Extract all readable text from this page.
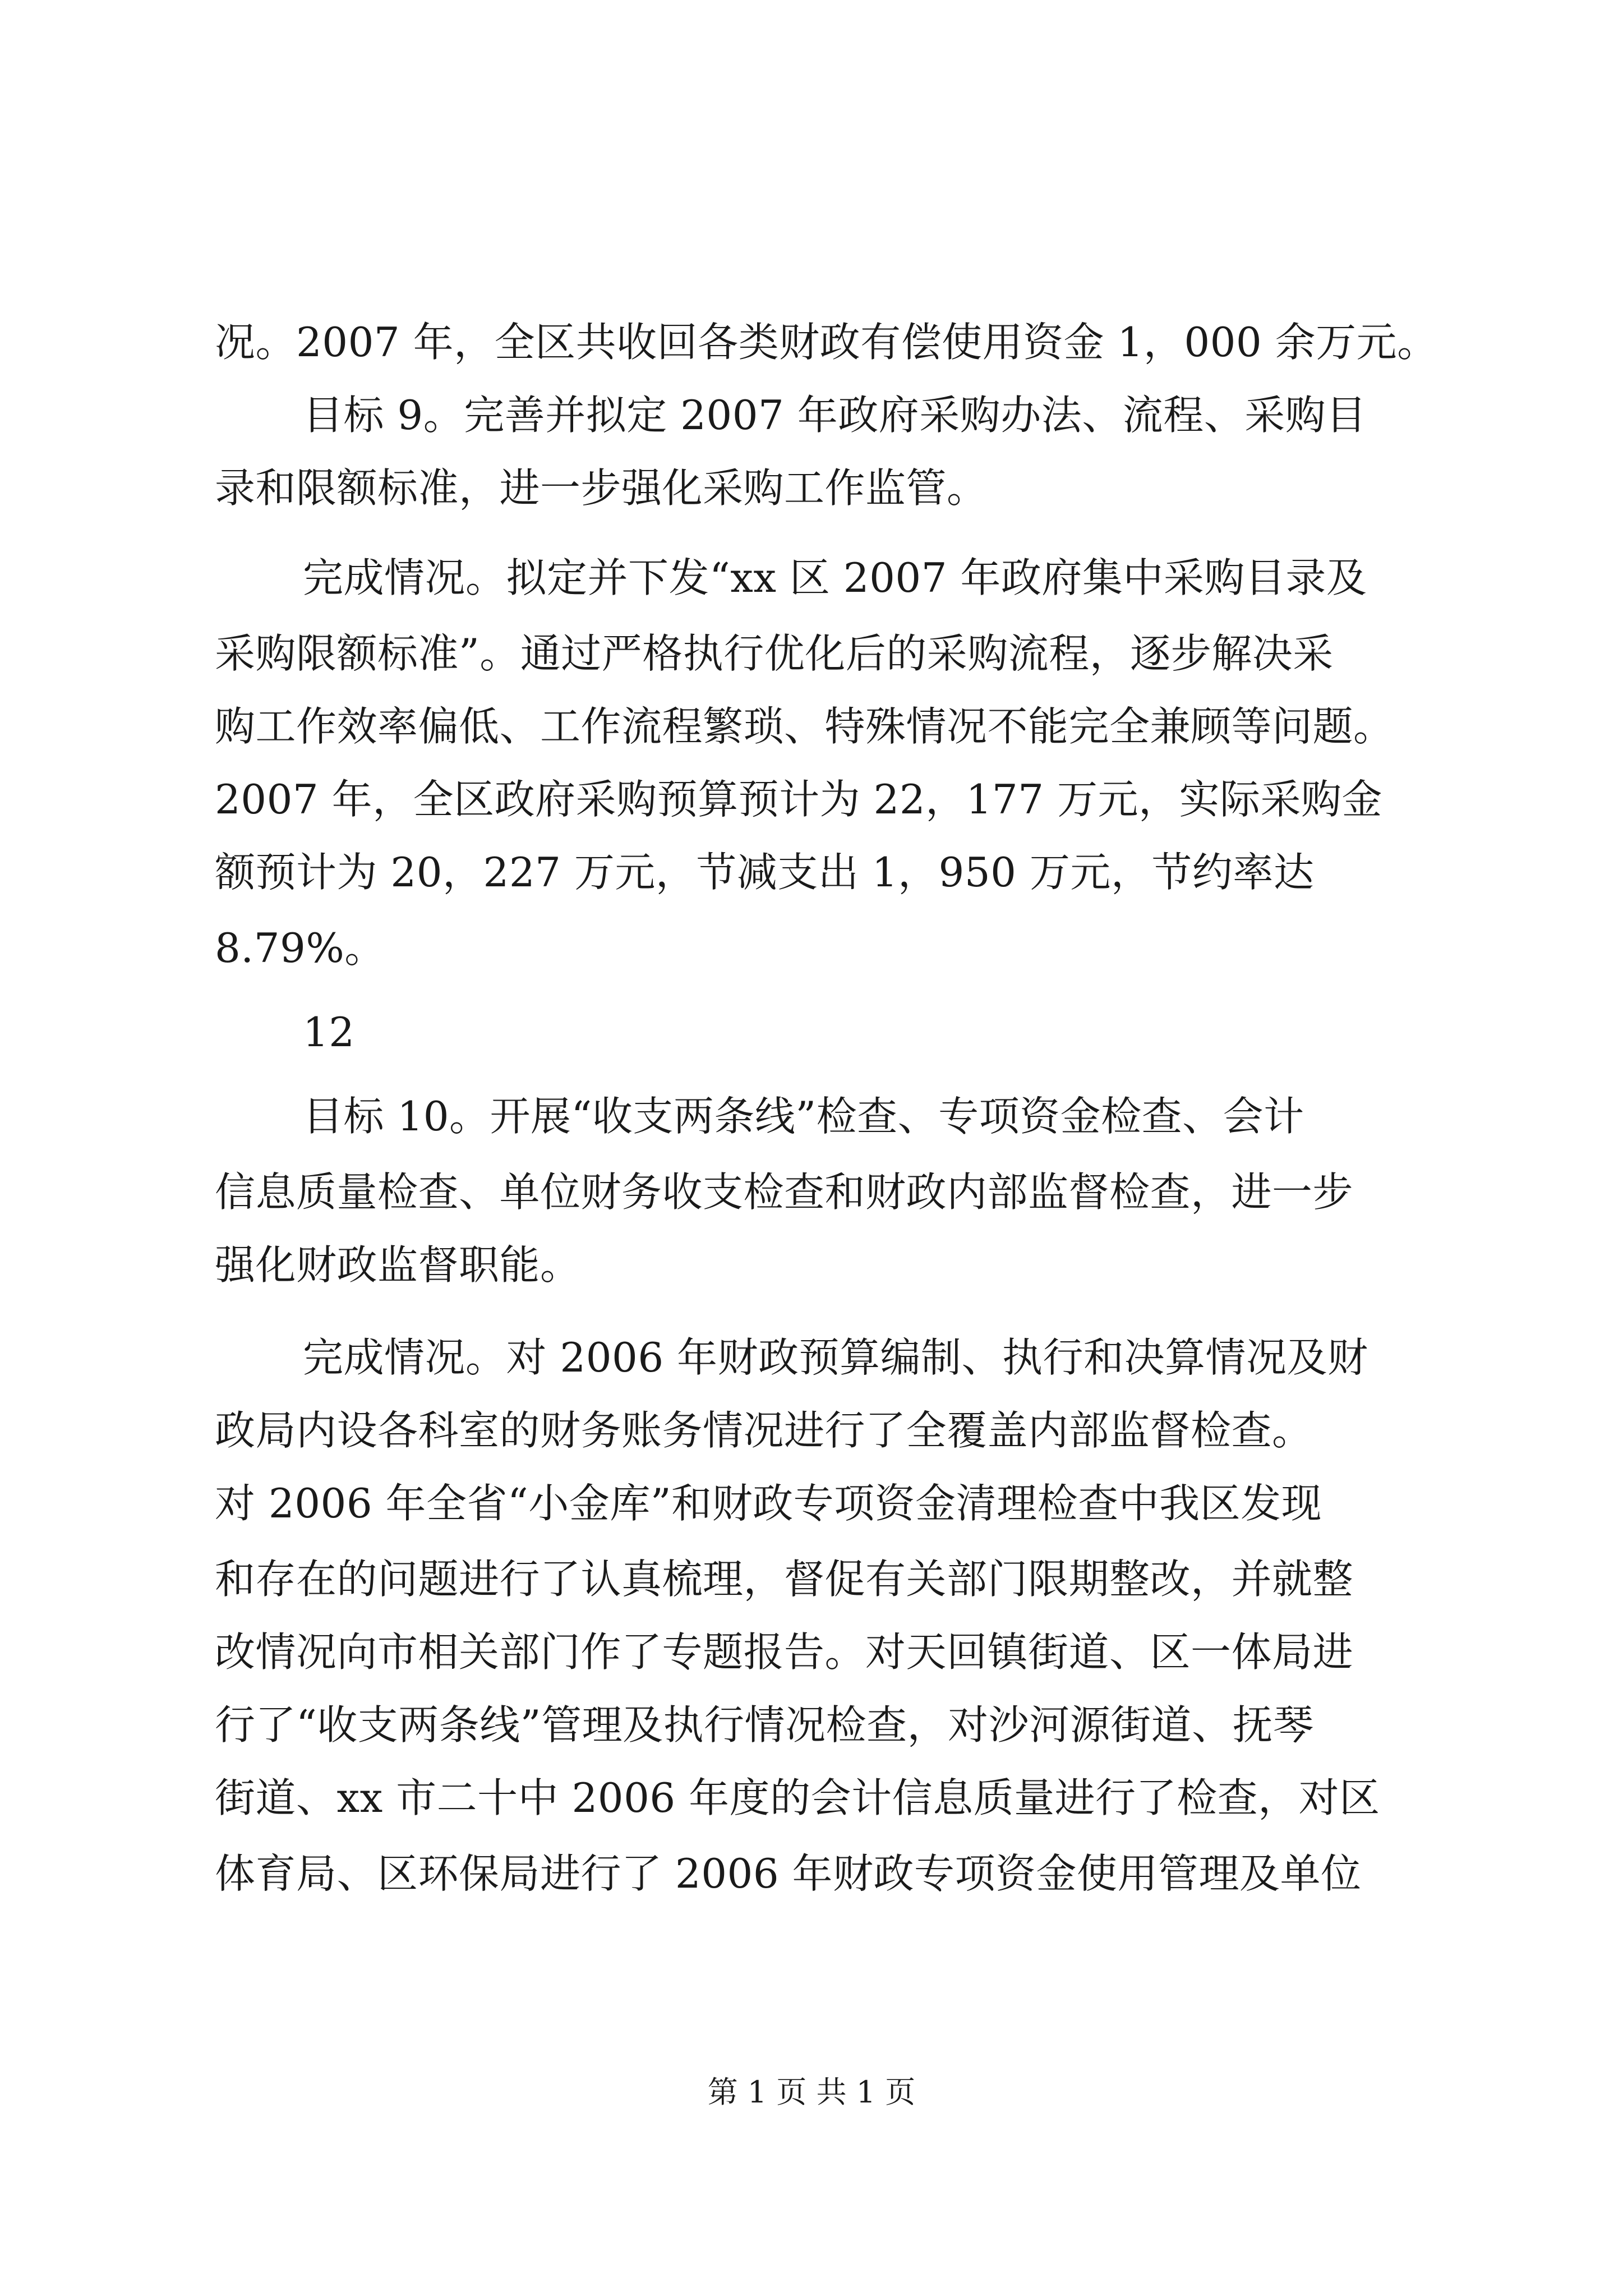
况。2007 年，全区共收回各类财政有偿使用资金 1，000 余万元。
目标 9。完善并拟定 2007 年政府采购办法、流程、采购目
录和限额标准，进一步强化采购工作监管。
完成情况。拟定并下发“xx 区 2007 年政府集中采购目录及
采购限额标准”。通过严格执行优化后的采购流程，逐步解决采
购工作效率偏低、工作流程繁琐、特殊情况不能完全兼顾等问题。
2007 年，全区政府采购预算预计为 22，177 万元，实际采购金
额预计为 20，227 万元，节减支出 1，950 万元，节约率达
8.79%。
12
目标 10。开展“收支两条线”检查、专项资金检查、会计
信息质量检查、单位财务收支检查和财政内部监督检查，进一步
强化财政监督职能。
完成情况。对 2006 年财政预算编制、执行和决算情况及财
政局内设各科室的财务账务情况进行了全覆盖内部监督检查。
对 2006 年全省“小金库”和财政专项资金清理检查中我区发现
和存在的问题进行了认真梳理，督促有关部门限期整改，并就整
改情况向市相关部门作了专题报告。对天回镇街道、区一体局进
行了“收支两条线”管理及执行情况检查，对沙河源街道、抚琴
街道、xx 市二十中 2006 年度的会计信息质量进行了检查，对区
体育局、区环保局进行了 2006 年财政专项资金使用管理及单位
第 1 页 共 1 页
